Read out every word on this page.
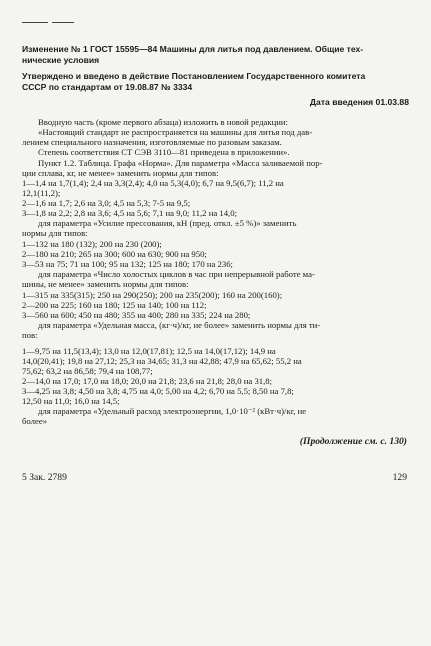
Изменение № 1 ГОСТ 15595—84 Машины для литья под давлением. Общие тех-
нические условия
Утверждено и введено в действие Постановлением Государственного комитета
СССР по стандартам от 19.08.87 № 3334
Дата введения 01.03.88
Вводную часть (кроме первого абзаца) изложить в новой редакции:
«Настоящий стандарт не распространяется на машины для литья под дав-
лением специального назначения, изготовляемые по разовым заказам.
Степень соответствия СТ СЭВ 3110—81 приведена в приложении».
Пункт 1.2. Таблица. Графа «Норма». Для параметра «Масса заливаемой пор-
ции сплава, кг, не менее» заменить нормы для типов:
1—1,4 на 1,7(1,4); 2,4 на 3,3(2,4); 4,0 на 5,3(4,0); 6,7 на 9,5(6,7); 11,2 на
12,1(11,2);
2—1,6 на 1,7; 2,6 на 3,0; 4,5 на 5,3; 7-5 на 9,5;
3—1,8 на 2,2; 2,8 на 3,6; 4,5 на 5,6; 7,1 на 9,0; 11,2 на 14,0;
для параметра «Усилие прессования, кН (пред. откл. ±5 %)» заменить
нормы для типов:
1—132 на 180 (132); 200 на 230 (200);
2—180 на 210; 265 на 300; 600 на 630; 900 на 950;
3—53 на 75; 71 на 100; 95 на 132; 125 на 180; 170 на 236;
для параметра «Число холостых циклов в час при непрерывной работе ма-
шины, не менее» заменить нормы для типов:
1—315 на 335(315); 250 на 290(250); 200 на 235(200); 160 на 200(160);
2—200 на 225; 160 на 180; 125 на 140; 100 на 112;
3—560 на 600; 450 на 480; 355 на 400; 280 на 335; 224 на 280;
для параметра «Удельная масса, (кг·ч)/кг, не более» заменить нормы для ти-
пов:
1—9,75 на 11,5(13,4); 13,0 на 12,0(17,81); 12,5 на 14,0(17,12); 14,9 на
14,0(20,41); 19,8 на 27,12; 25,3 на 34,65; 31,3 на 42,88; 47,9 на 65,62; 55,2 на
75,62; 63,2 на 86,58; 79,4 на 108,77;
2—14,0 на 17,0; 17,0 на 18,0; 20,0 на 21,8; 23,6 на 21,8; 28,0 на 31,8;
3—4,25 на 3,8; 4,50 на 3,8; 4,75 на 4,0; 5,00 на 4,2; 6,70 на 5,5; 8,50 на 7,8;
12,50 на 11,0; 16,0 на 14,5;
для параметра «Удельный расход электроэнергии, 1,0·10⁻² (кВт·ч)/кг, не
более»
(Продолжение см. с. 130)
5 Зак. 2789	129
